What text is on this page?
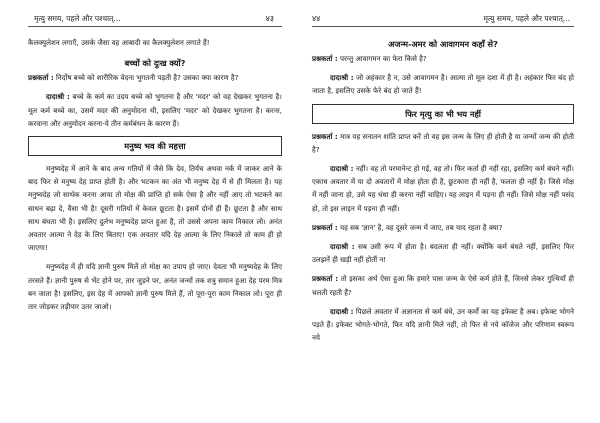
मृत्यु समय, पहले और पश्चात्...	४३

कैलक्युलेशन लगाएँ, उसके जैसा वह आबादी का कैलक्युलेशन लगाते हैं!

बच्चों को दुःख क्यों?

प्रश्नकर्ता : निर्दोष बच्चे को शारीरिक वेदना भुगतनी पड़ती है? उसका क्या कारण है?

दादाश्री : बच्चे के कर्म का उदय बच्चे को भुगतना है और 'मदर' को वह देखकर भुगतना है। मूल कर्म बच्चे का, उसमें मदर की अनुमोदना थी, इसलिए 'मदर' को देखकर भुगतना है। करना, करवाना और अनुमोदन करना-ये तीन कर्मबंधन के कारण हैं।

मनुष्य भव की महत्ता

मनुष्यदेह में आने के बाद अन्य गतियों में जैसे कि देव, तिर्यंच अथवा नर्क में जाकर आने के बाद फिर से मनुष्य देह प्राप्त होती है। और भटकन का अंत भी मनुष्य देह में से ही मिलता है। यह मनुष्यदेह जो सार्थक करना आया तो मोक्ष की प्राप्ति हो सके ऐसा है और नहीं आए तो भटकने का साधन बढ़ा दे, वैसा भी है! दूसरी गतियों में केवल छूटता है। इसमें दोनों ही हैं। छूटता है और साथ साथ बंधता भी है। इसलिए दुर्लभ मनुष्यदेह प्राप्त हुआ है, तो उससे अपना काम निकाल लो। अनंत अवतार आत्मा ने देह के लिए बिताए! एक अवतार यदि देह आत्मा के लिए निकाले तो काम ही हो जाएगा!

मनुष्यदेह में ही यदि ज्ञानी पुरुष मिलें तो मोक्ष का उपाय हो जाए। देवता भी मनुष्यदेह के लिए तरसते हैं। ज्ञानी पुरुष से भेंट होने पर, तार जुड़ने पर, अनंत जन्मों तक शत्रु समान हुआ देह परम मित्र बन जाता है! इसलिए, इस देह में आपको ज्ञानी पुरुष मिले हैं, तो पूरा-पूरा काम निकाल लो। पूरा ही तार जोड़कर तड़ीपार उतर जाओ।

४४	मृत्यु समय, पहले और पश्चात्...
अजन्म-अमर को आवागमन कहाँ से?

प्रश्नकर्ता : परन्तु आवागमन का फेरा किसे है?

दादाश्री : जो अहंकार है न, उसे आवागमन है। आत्मा तो मूल दशा में ही है। अहंकार फिर बंद हो जाता है, इसलिए उसके फेरे बंद हो जाते हैं!

फिर मृत्यु का भी भय नहीं

प्रश्नकर्ता : मात्र यह सनातन शांति प्राप्त करें तो वह इस जन्म के लिए ही होती है या जन्मों जन्म की होती है?

दादाश्री : नहीं। वह तो परमानेन्ट हो गई, वह तो। फिर कर्ता ही नहीं रहा, इसलिए कर्म बंधने नहीं। एकाध अवतार में या दो अवतारों में मोक्ष होता ही है, छुटकारा ही नहीं है, फलता ही नहीं है। जिसे मोक्ष में नहीं जाना हो, उसे यह धंधा ही करना नहीं चाहिए। यह लाइन में पड़ना ही नहीं। जिसे मोक्ष नहीं पसंद हो, तो इस लाइन में पड़ना ही नहीं।

प्रश्नकर्ता : यह सब 'ज्ञान' है, वह दूसरे जन्म में जाए, तब याद रहता है क्या?

दादाश्री : सब उसी रूप में होता है। बदलता ही नहीं। क्योंकि कर्म बंधते नहीं, इसलिए फिर उलझनें ही खड़ी नहीं होतीं न!

प्रश्नकर्ता : तो इसका अर्थ ऐसा हुआ कि हमारे पास जन्म के ऐसे कर्म होते हैं, जिनसे लेकर गुत्थियाँ ही चलती रहती हैं?

दादाश्री : पिछले अवतार में अज्ञानता से कर्म बंधे, उन कर्मों का यह इफेक्ट है अब। इफेक्ट भोगने पड़ते हैं। इफेक्ट भोगते-भोगते, फिर यदि ज्ञानी मिले नहीं, तो फिर से नये कॉजेज और परिणाम स्वरूप नये
